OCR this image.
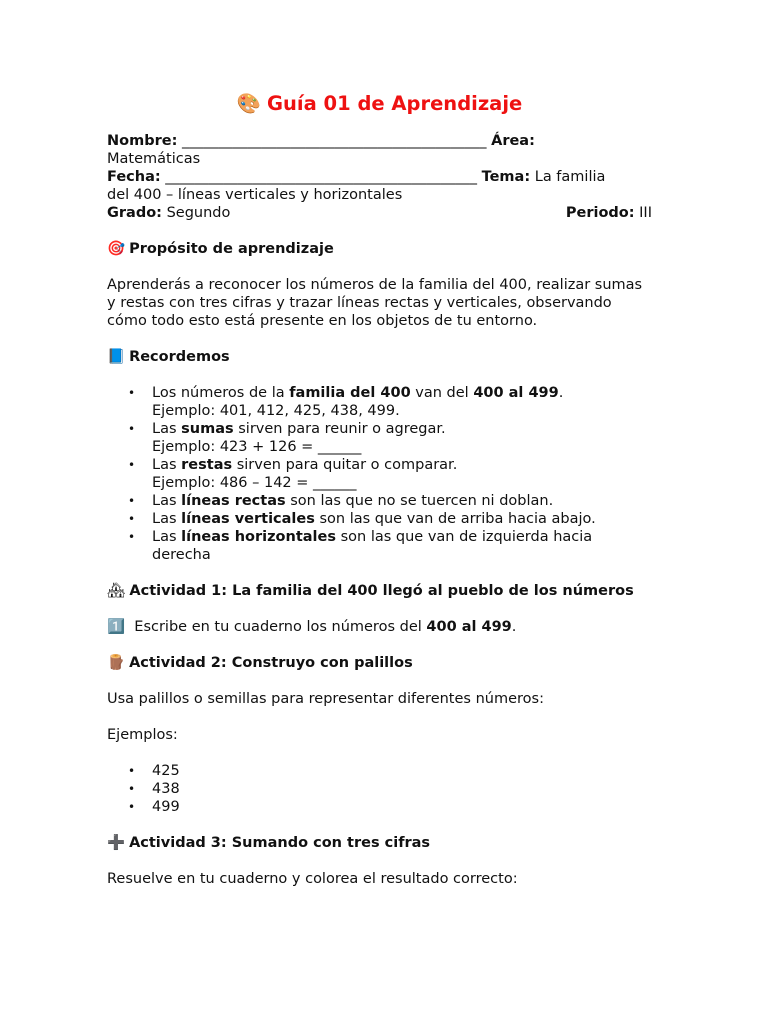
🎨 Guía 01 de Aprendizaje
Nombre: __________________________________________ Área:
Matemáticas
Fecha: ___________________________________________ Tema: La familia
del 400 – líneas verticales y horizontales
Grado: Segundo	Periodo: III
🎯 Propósito de aprendizaje

Aprenderás a reconocer los números de la familia del 400, realizar sumas y restas con tres cifras y trazar líneas rectas y verticales, observando cómo todo esto está presente en los objetos de tu entorno.

📘 Recordemos
• Los números de la familia del 400 van del 400 al 499.
Ejemplo: 401, 412, 425, 438, 499.
• Las sumas sirven para reunir o agregar.
Ejemplo: 423 + 126 = ______
• Las restas sirven para quitar o comparar.
Ejemplo: 486 – 142 = ______
• Las líneas rectas son las que no se tuercen ni doblan.
• Las líneas verticales son las que van de arriba hacia abajo.
• Las líneas horizontales son las que van de izquierda hacia
derecha
🏘 Actividad 1: La familia del 400 llegó al pueblo de los números
1️⃣  Escribe en tu cuaderno los números del 400 al 499.
🪵 Actividad 2: Construyo con palillos

Usa palillos o semillas para representar diferentes números:

Ejemplos:

• 425
• 438
• 499
➕ Actividad 3: Sumando con tres cifras

Resuelve en tu cuaderno y colorea el resultado correcto:
